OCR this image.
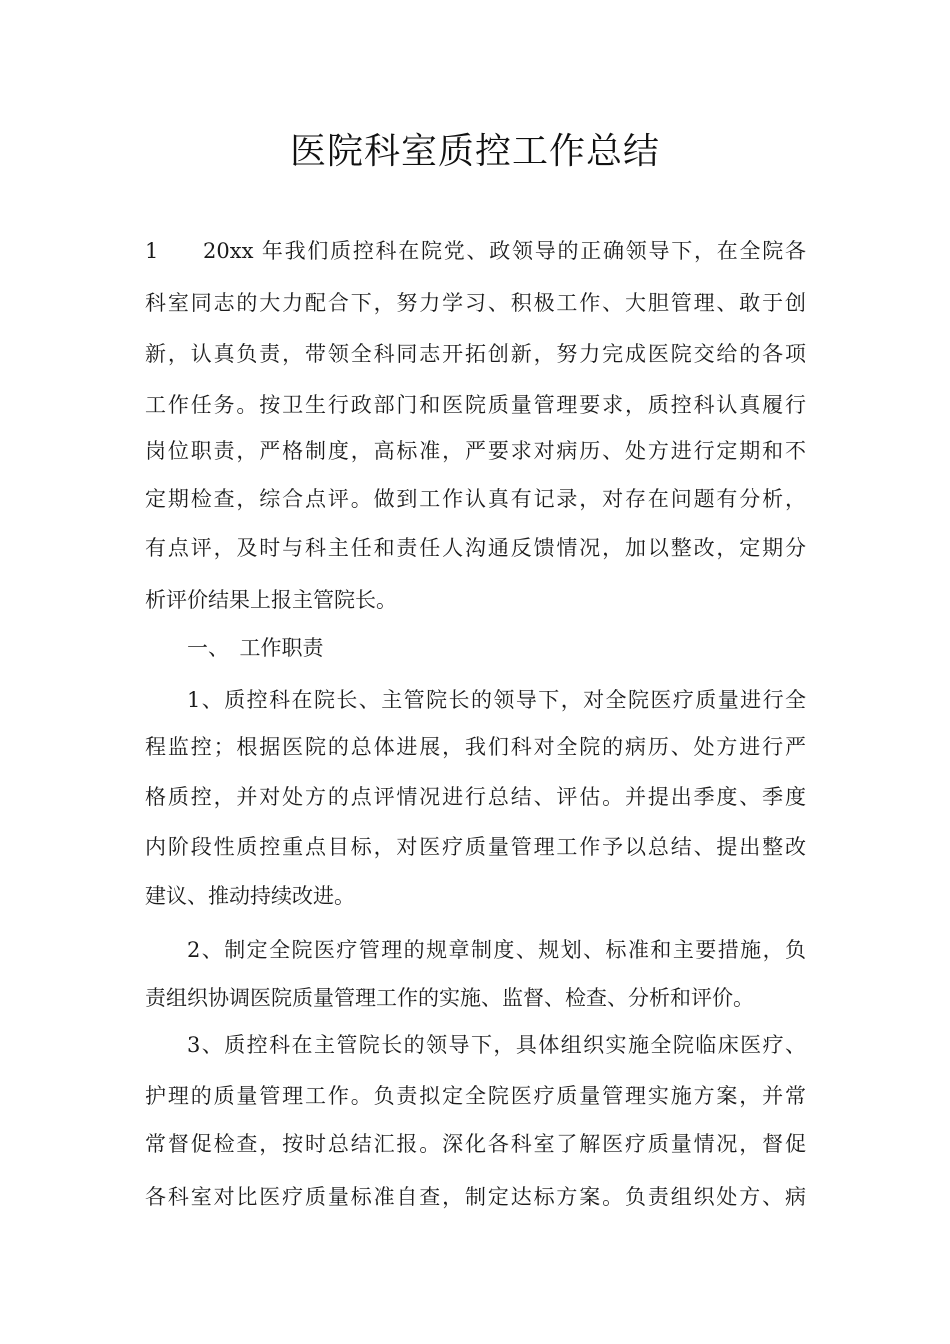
医院科室质控工作总结
1 20xx 年我们质控科在院党、政领导的正确领导下，在全院各
科室同志的大力配合下，努力学习、积极工作、大胆管理、敢于创
新，认真负责，带领全科同志开拓创新，努力完成医院交给的各项
工作任务。按卫生行政部门和医院质量管理要求，质控科认真履行
岗位职责，严格制度，高标准，严要求对病历、处方进行定期和不
定期检查，综合点评。做到工作认真有记录，对存在问题有分析，
有点评，及时与科主任和责任人沟通反馈情况，加以整改，定期分
析评价结果上报主管院长。
一、　工作职责
1、质控科在院长、主管院长的领导下，对全院医疗质量进行全
程监控；根据医院的总体进展，我们科对全院的病历、处方进行严
格质控，并对处方的点评情况进行总结、评估。并提出季度、季度
内阶段性质控重点目标，对医疗质量管理工作予以总结、提出整改
建议、推动持续改进。
2、制定全院医疗管理的规章制度、规划、标准和主要措施，负
责组织协调医院质量管理工作的实施、监督、检查、分析和评价。
3、质控科在主管院长的领导下，具体组织实施全院临床医疗、
护理的质量管理工作。负责拟定全院医疗质量管理实施方案，并常
常督促检查，按时总结汇报。深化各科室了解医疗质量情况，督促
各科室对比医疗质量标准自查，制定达标方案。负责组织处方、病
